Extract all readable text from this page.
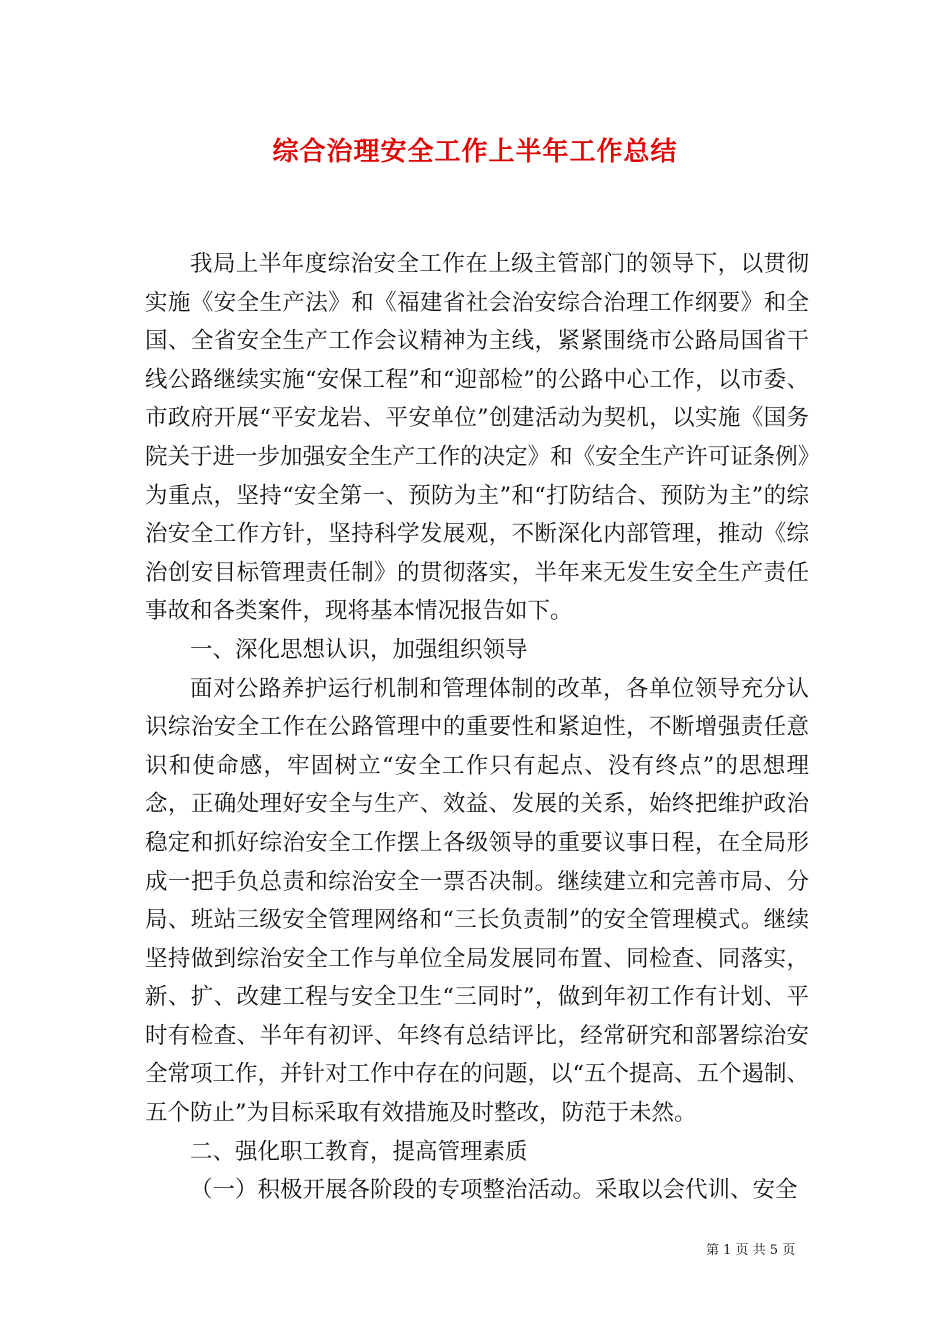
综合治理安全工作上半年工作总结

我局上半年度综治安全工作在上级主管部门的领导下，以贯彻实施《安全生产法》和《福建省社会治安综合治理工作纲要》和全国、全省安全生产工作会议精神为主线，紧紧围绕市公路局国省干线公路继续实施“安保工程”和“迎部检”的公路中心工作，以市委、市政府开展“平安龙岩、平安单位”创建活动为契机，以实施《国务院关于进一步加强安全生产工作的决定》和《安全生产许可证条例》为重点，坚持“安全第一、预防为主”和“打防结合、预防为主”的综治安全工作方针，坚持科学发展观，不断深化内部管理，推动《综治创安目标管理责任制》的贯彻落实，半年来无发生安全生产责任事故和各类案件，现将基本情况报告如下。

一、深化思想认识，加强组织领导

面对公路养护运行机制和管理体制的改革，各单位领导充分认识综治安全工作在公路管理中的重要性和紧迫性，不断增强责任意识和使命感，牢固树立“安全工作只有起点、没有终点”的思想理念，正确处理好安全与生产、效益、发展的关系，始终把维护政治稳定和抓好综治安全工作摆上各级领导的重要议事日程，在全局形成一把手负总责和综治安全一票否决制。继续建立和完善市局、分局、班站三级安全管理网络和“三长负责制”的安全管理模式。继续坚持做到综治安全工作与单位全局发展同布置、同检查、同落实，新、扩、改建工程与安全卫生“三同时”，做到年初工作有计划、平时有检查、半年有初评、年终有总结评比，经常研究和部署综治安全常项工作，并针对工作中存在的问题，以“五个提高、五个遏制、五个防止”为目标采取有效措施及时整改，防范于未然。

二、强化职工教育，提高管理素质

（一）积极开展各阶段的专项整治活动。采取以会代训、安全

第 1 页 共 5 页
